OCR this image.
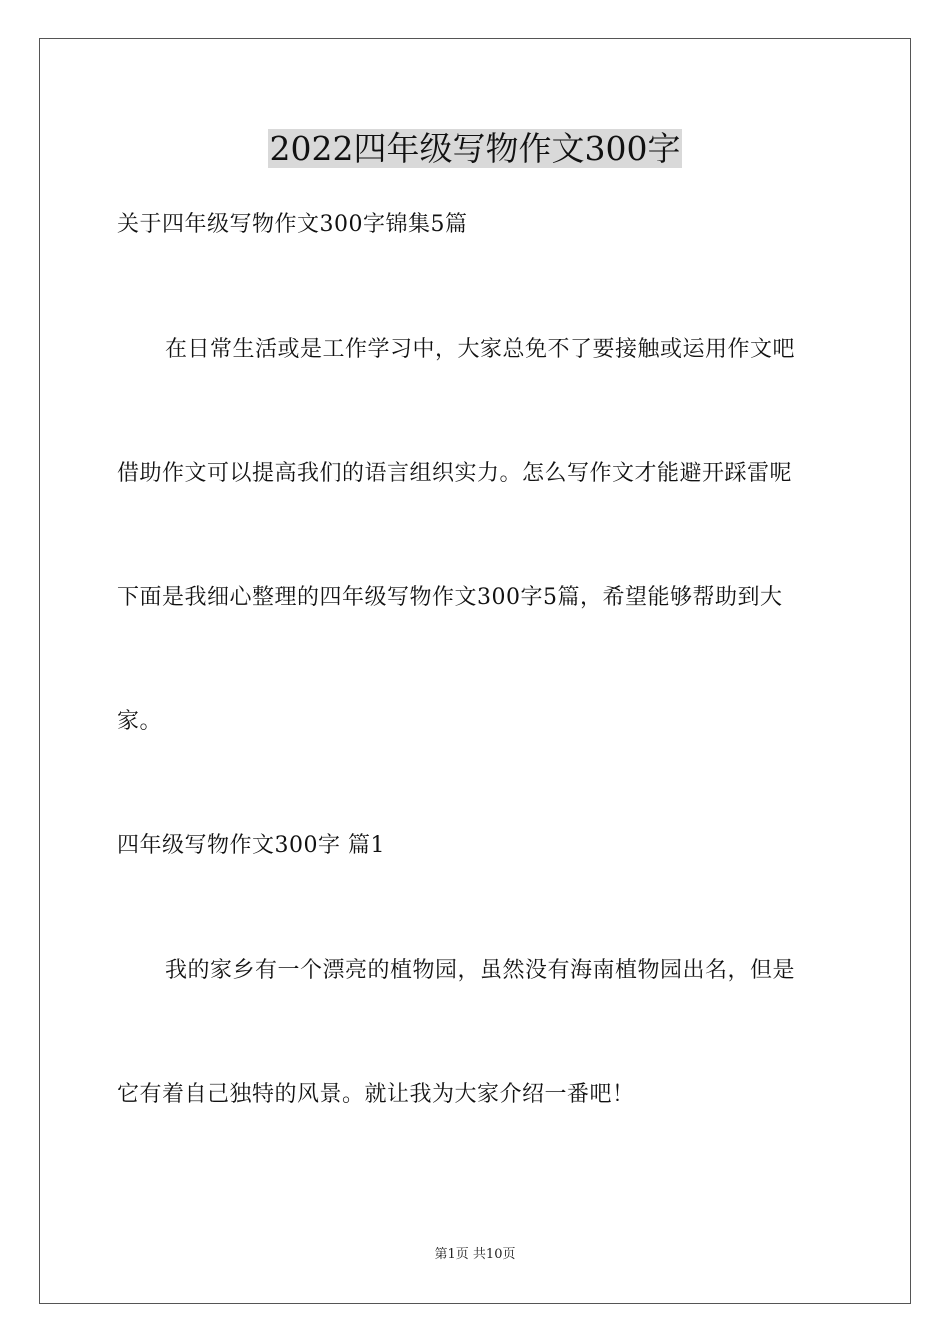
2022四年级写物作文300字
关于四年级写物作文300字锦集5篇
在日常生活或是工作学习中，大家总免不了要接触或运用作文吧
借助作文可以提高我们的语言组织实力。怎么写作文才能避开踩雷呢
下面是我细心整理的四年级写物作文300字5篇，希望能够帮助到大
家。
四年级写物作文300字 篇1
我的家乡有一个漂亮的植物园，虽然没有海南植物园出名，但是
它有着自己独特的风景。就让我为大家介绍一番吧！
第1页 共10页
